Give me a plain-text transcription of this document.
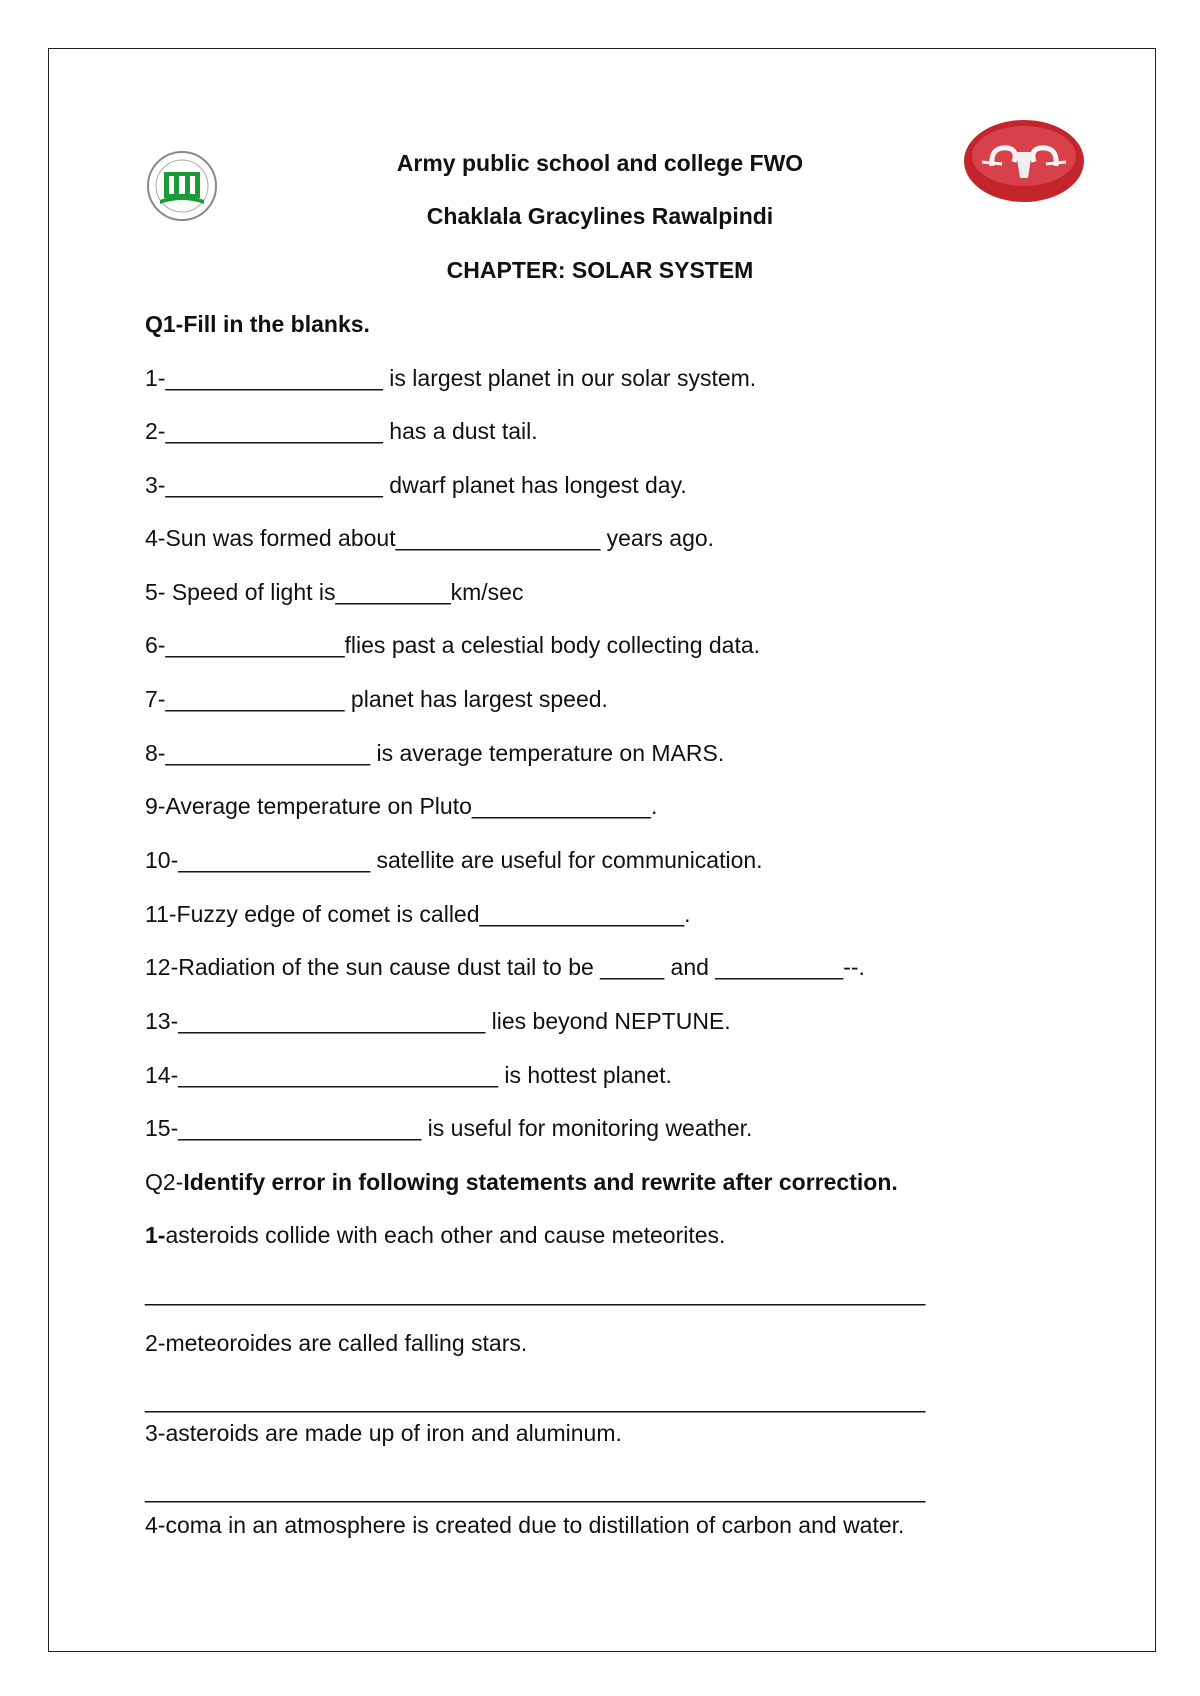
Army public school and college FWO
Chaklala Gracylines Rawalpindi
CHAPTER: SOLAR SYSTEM
Q1-Fill in the blanks.
1-_________________ is largest planet in our solar system.
2-_________________ has a dust tail.
3-_________________ dwarf planet has longest day.
4-Sun was formed about________________ years ago.
5- Speed of light is_________km/sec
6-______________flies past a celestial body collecting data.
7-______________ planet has largest speed.
8-________________ is average temperature on MARS.
9-Average temperature on Pluto______________.
10-_______________ satellite are useful for communication.
11-Fuzzy edge of comet is called________________.
12-Radiation of the sun cause dust tail to be _____ and __________--.
13-________________________ lies beyond NEPTUNE.
14-_________________________ is hottest planet.
15-___________________ is useful for monitoring weather.
Q2-Identify error in following statements and rewrite after correction.
1-asteroids collide with each other and cause meteorites.
_____________________________________________________________
2-meteoroides are called falling stars.
_____________________________________________________________
3-asteroids are made up of iron and aluminum.
_____________________________________________________________
4-coma in an atmosphere is created due to distillation of carbon and water.
